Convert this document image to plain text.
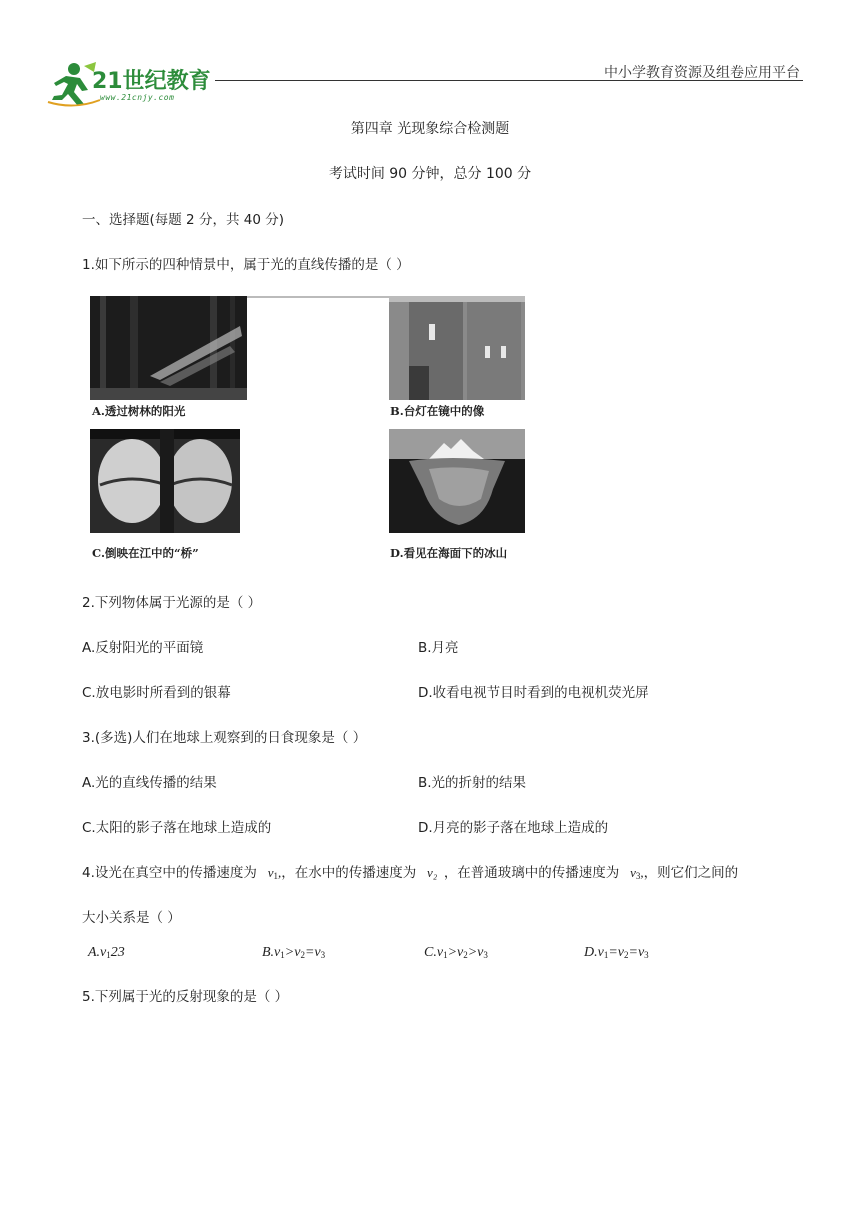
21世纪教育
www.21cnjy.com
中小学教育资源及组卷应用平台
第四章 光现象综合检测题
考试时间 90 分钟，总分 100 分
一、选择题(每题 2 分，共 40 分)
1.如下所示的四种情景中，属于光的直线传播的是（ ）
A.透过树林的阳光	B.台灯在镜中的像
C.倒映在江中的“桥”	D.看见在海面下的冰山
2.下列物体属于光源的是（ ）
A.反射阳光的平面镜	B.月亮
C.放电影时所看到的银幕	D.收看电视节目时看到的电视机荧光屏
3.(多选)人们在地球上观察到的日食现象是（ ）
A.光的直线传播的结果	B.光的折射的结果
C.太阳的影子落在地球上造成的	D.月亮的影子落在地球上造成的
4.设光在真空中的传播速度为   $v_1$,，在水中的传播速度为   v₂  ，在普通玻璃中的传播速度为   $v_3$,，则它们之间的
大小关系是（ ）
$A.v_123$	$B.v_1>v_2=v_3$	$C.v_1>v_2>v_3$	$D.v_1=v_2=v_3$
5.下列属于光的反射现象的是（ ）
